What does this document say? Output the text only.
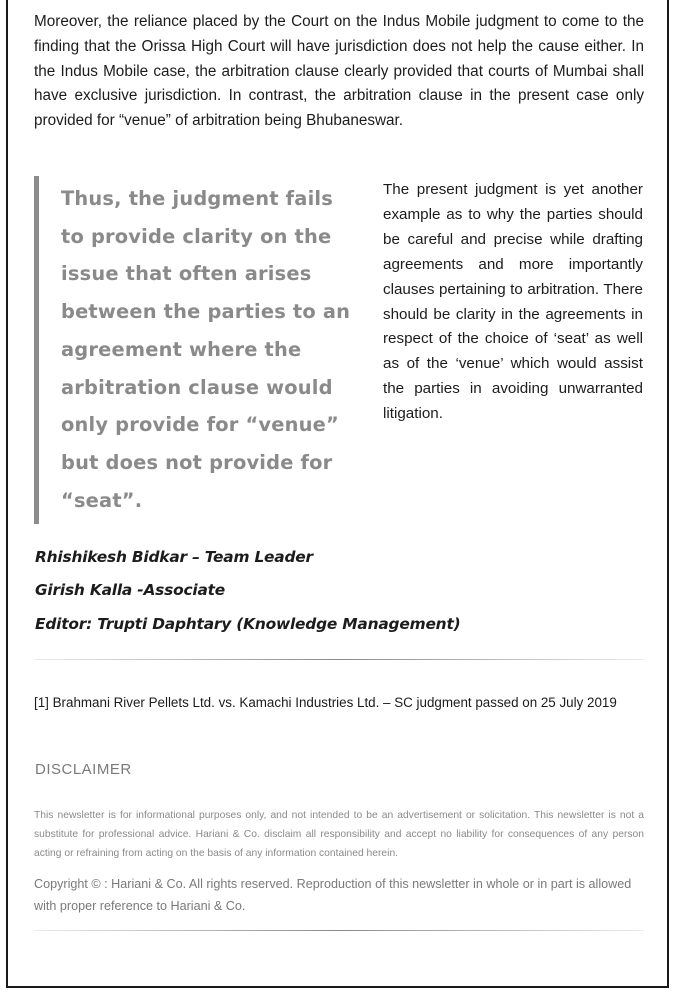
Moreover, the reliance placed by the Court on the Indus Mobile judgment to come to the finding that the Orissa High Court will have jurisdiction does not help the cause either. In the Indus Mobile case, the arbitration clause clearly provided that courts of Mumbai shall have exclusive jurisdiction. In contrast, the arbitration clause in the present case only provided for “venue” of arbitration being Bhubaneswar.

Thus, the judgment fails to provide clarity on the issue that often arises between the parties to an agreement where the arbitration clause would only provide for “venue” but does not provide for “seat”.

The present judgment is yet another example as to why the parties should be careful and precise while drafting agreements and more importantly clauses pertaining to arbitration. There should be clarity in the agreements in respect of the choice of ‘seat’ as well as of the ‘venue’ which would assist the parties in avoiding unwarranted litigation.

Rhishikesh Bidkar – Team Leader

Girish Kalla -Associate

Editor: Trupti Daphtary (Knowledge Management)

[1] Brahmani River Pellets Ltd. vs. Kamachi Industries Ltd. – SC judgment passed on 25 July 2019

DISCLAIMER

This newsletter is for informational purposes only, and not intended to be an advertisement or solicitation. This newsletter is not a substitute for professional advice. Hariani & Co. disclaim all responsibility and accept no liability for consequences of any person acting or refraining from acting on the basis of any information contained herein.

Copyright © : Hariani & Co. All rights reserved. Reproduction of this newsletter in whole or in part is allowed with proper reference to Hariani & Co.
